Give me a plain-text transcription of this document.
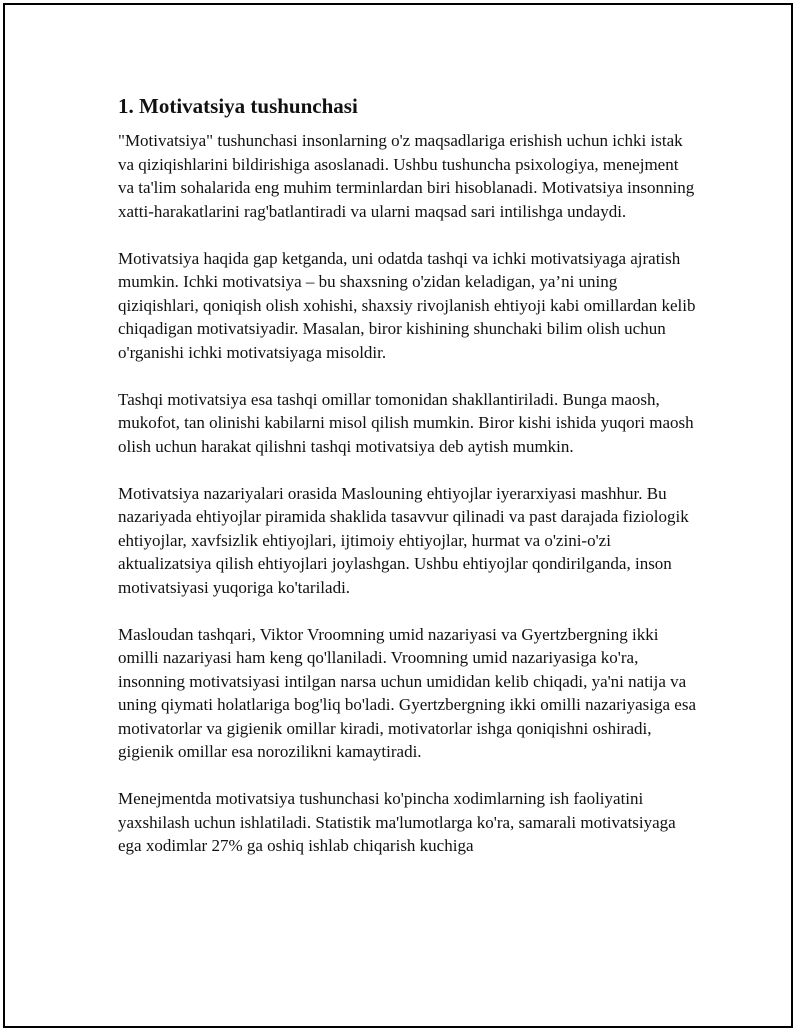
1. Motivatsiya tushunchasi

"Motivatsiya" tushunchasi insonlarning o'z maqsadlariga erishish uchun ichki istak va qiziqishlarini bildirishiga asoslanadi. Ushbu tushuncha psixologiya, menejment va ta'lim sohalarida eng muhim terminlardan biri hisoblanadi. Motivatsiya insonning xatti-harakatlarini rag'batlantiradi va ularni maqsad sari intilishga undaydi.

Motivatsiya haqida gap ketganda, uni odatda tashqi va ichki motivatsiyaga ajratish mumkin. Ichki motivatsiya – bu shaxsning o'zidan keladigan, ya’ni uning qiziqishlari, qoniqish olish xohishi, shaxsiy rivojlanish ehtiyoji kabi omillardan kelib chiqadigan motivatsiyadir. Masalan, biror kishining shunchaki bilim olish uchun o'rganishi ichki motivatsiyaga misoldir.

Tashqi motivatsiya esa tashqi omillar tomonidan shakllantiriladi. Bunga maosh, mukofot, tan olinishi kabilarni misol qilish mumkin. Biror kishi ishida yuqori maosh olish uchun harakat qilishni tashqi motivatsiya deb aytish mumkin.

Motivatsiya nazariyalari orasida Maslouning ehtiyojlar iyerarxiyasi mashhur. Bu nazariyada ehtiyojlar piramida shaklida tasavvur qilinadi va past darajada fiziologik ehtiyojlar, xavfsizlik ehtiyojlari, ijtimoiy ehtiyojlar, hurmat va o'zini-o'zi aktualizatsiya qilish ehtiyojlari joylashgan. Ushbu ehtiyojlar qondirilganda, inson motivatsiyasi yuqoriga ko'tariladi.

Masloudan tashqari, Viktor Vroomning umid nazariyasi va Gyertzbergning ikki omilli nazariyasi ham keng qo'llaniladi. Vroomning umid nazariyasiga ko'ra, insonning motivatsiyasi intilgan narsa uchun umididan kelib chiqadi, ya'ni natija va uning qiymati holatlariga bog'liq bo'ladi. Gyertzbergning ikki omilli nazariyasiga esa motivatorlar va gigienik omillar kiradi, motivatorlar ishga qoniqishni oshiradi, gigienik omillar esa norozilikni kamaytiradi.

Menejmentda motivatsiya tushunchasi ko'pincha xodimlarning ish faoliyatini yaxshilash uchun ishlatiladi. Statistik ma'lumotlarga ko'ra, samarali motivatsiyaga ega xodimlar 27% ga oshiq ishlab chiqarish kuchiga
